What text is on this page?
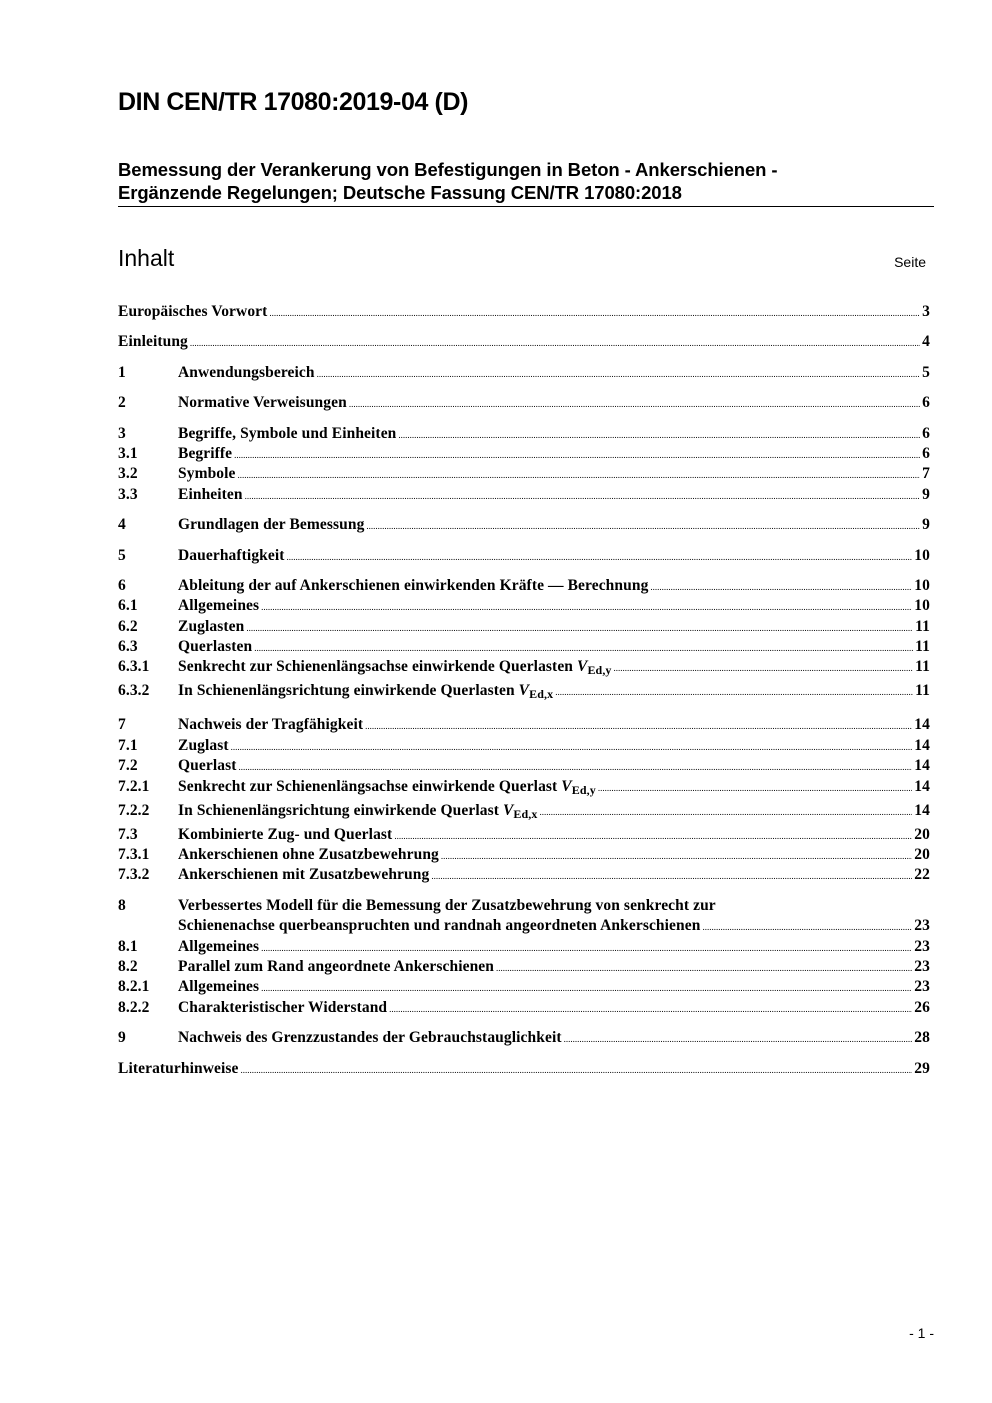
DIN CEN/TR 17080:2019-04 (D)
Bemessung der Verankerung von Befestigungen in Beton - Ankerschienen -
Ergänzende Regelungen; Deutsche Fassung CEN/TR 17080:2018
Inhalt	Seite
Europäisches Vorwort .....	3
Einleitung .....	4
1	Anwendungsbereich .....	5
2	Normative Verweisungen .....	6
3	Begriffe, Symbole und Einheiten .....	6
3.1	Begriffe .....	6
3.2	Symbole .....	7
3.3	Einheiten .....	9
4	Grundlagen der Bemessung .....	9
5	Dauerhaftigkeit .....	10
6	Ableitung der auf Ankerschienen einwirkenden Kräfte — Berechnung .....	10
6.1	Allgemeines .....	10
6.2	Zuglasten .....	11
6.3	Querlasten .....	11
6.3.1 Senkrecht zur Schienenlängsachse einwirkende Querlasten $V_{Ed,y}$ .....	11
6.3.2 In Schienenlängsrichtung einwirkende Querlasten $V_{Ed,x}$ .....	11
7	Nachweis der Tragfähigkeit .....	14
7.1	Zuglast .....	14
7.2	Querlast .....	14
7.2.1 Senkrecht zur Schienenlängsachse einwirkende Querlast $V_{Ed,y}$ .....	14
7.2.2 In Schienenlängsrichtung einwirkende Querlast $V_{Ed,x}$ .....	14
7.3	Kombinierte Zug- und Querlast .....	20
7.3.1 Ankerschienen ohne Zusatzbewehrung .....	20
7.3.2 Ankerschienen mit Zusatzbewehrung .....	22
8	Verbessertes Modell für die Bemessung der Zusatzbewehrung von senkrecht zur
Schienenachse querbeanspruchten und randnah angeordneten Ankerschienen .....	23
8.1	Allgemeines .....	23
8.2	Parallel zum Rand angeordnete Ankerschienen .....	23
8.2.1 Allgemeines .....	23
8.2.2 Charakteristischer Widerstand .....	26
9	Nachweis des Grenzzustandes der Gebrauchstauglichkeit .....	28
Literaturhinweise .....	29
- 1 -
